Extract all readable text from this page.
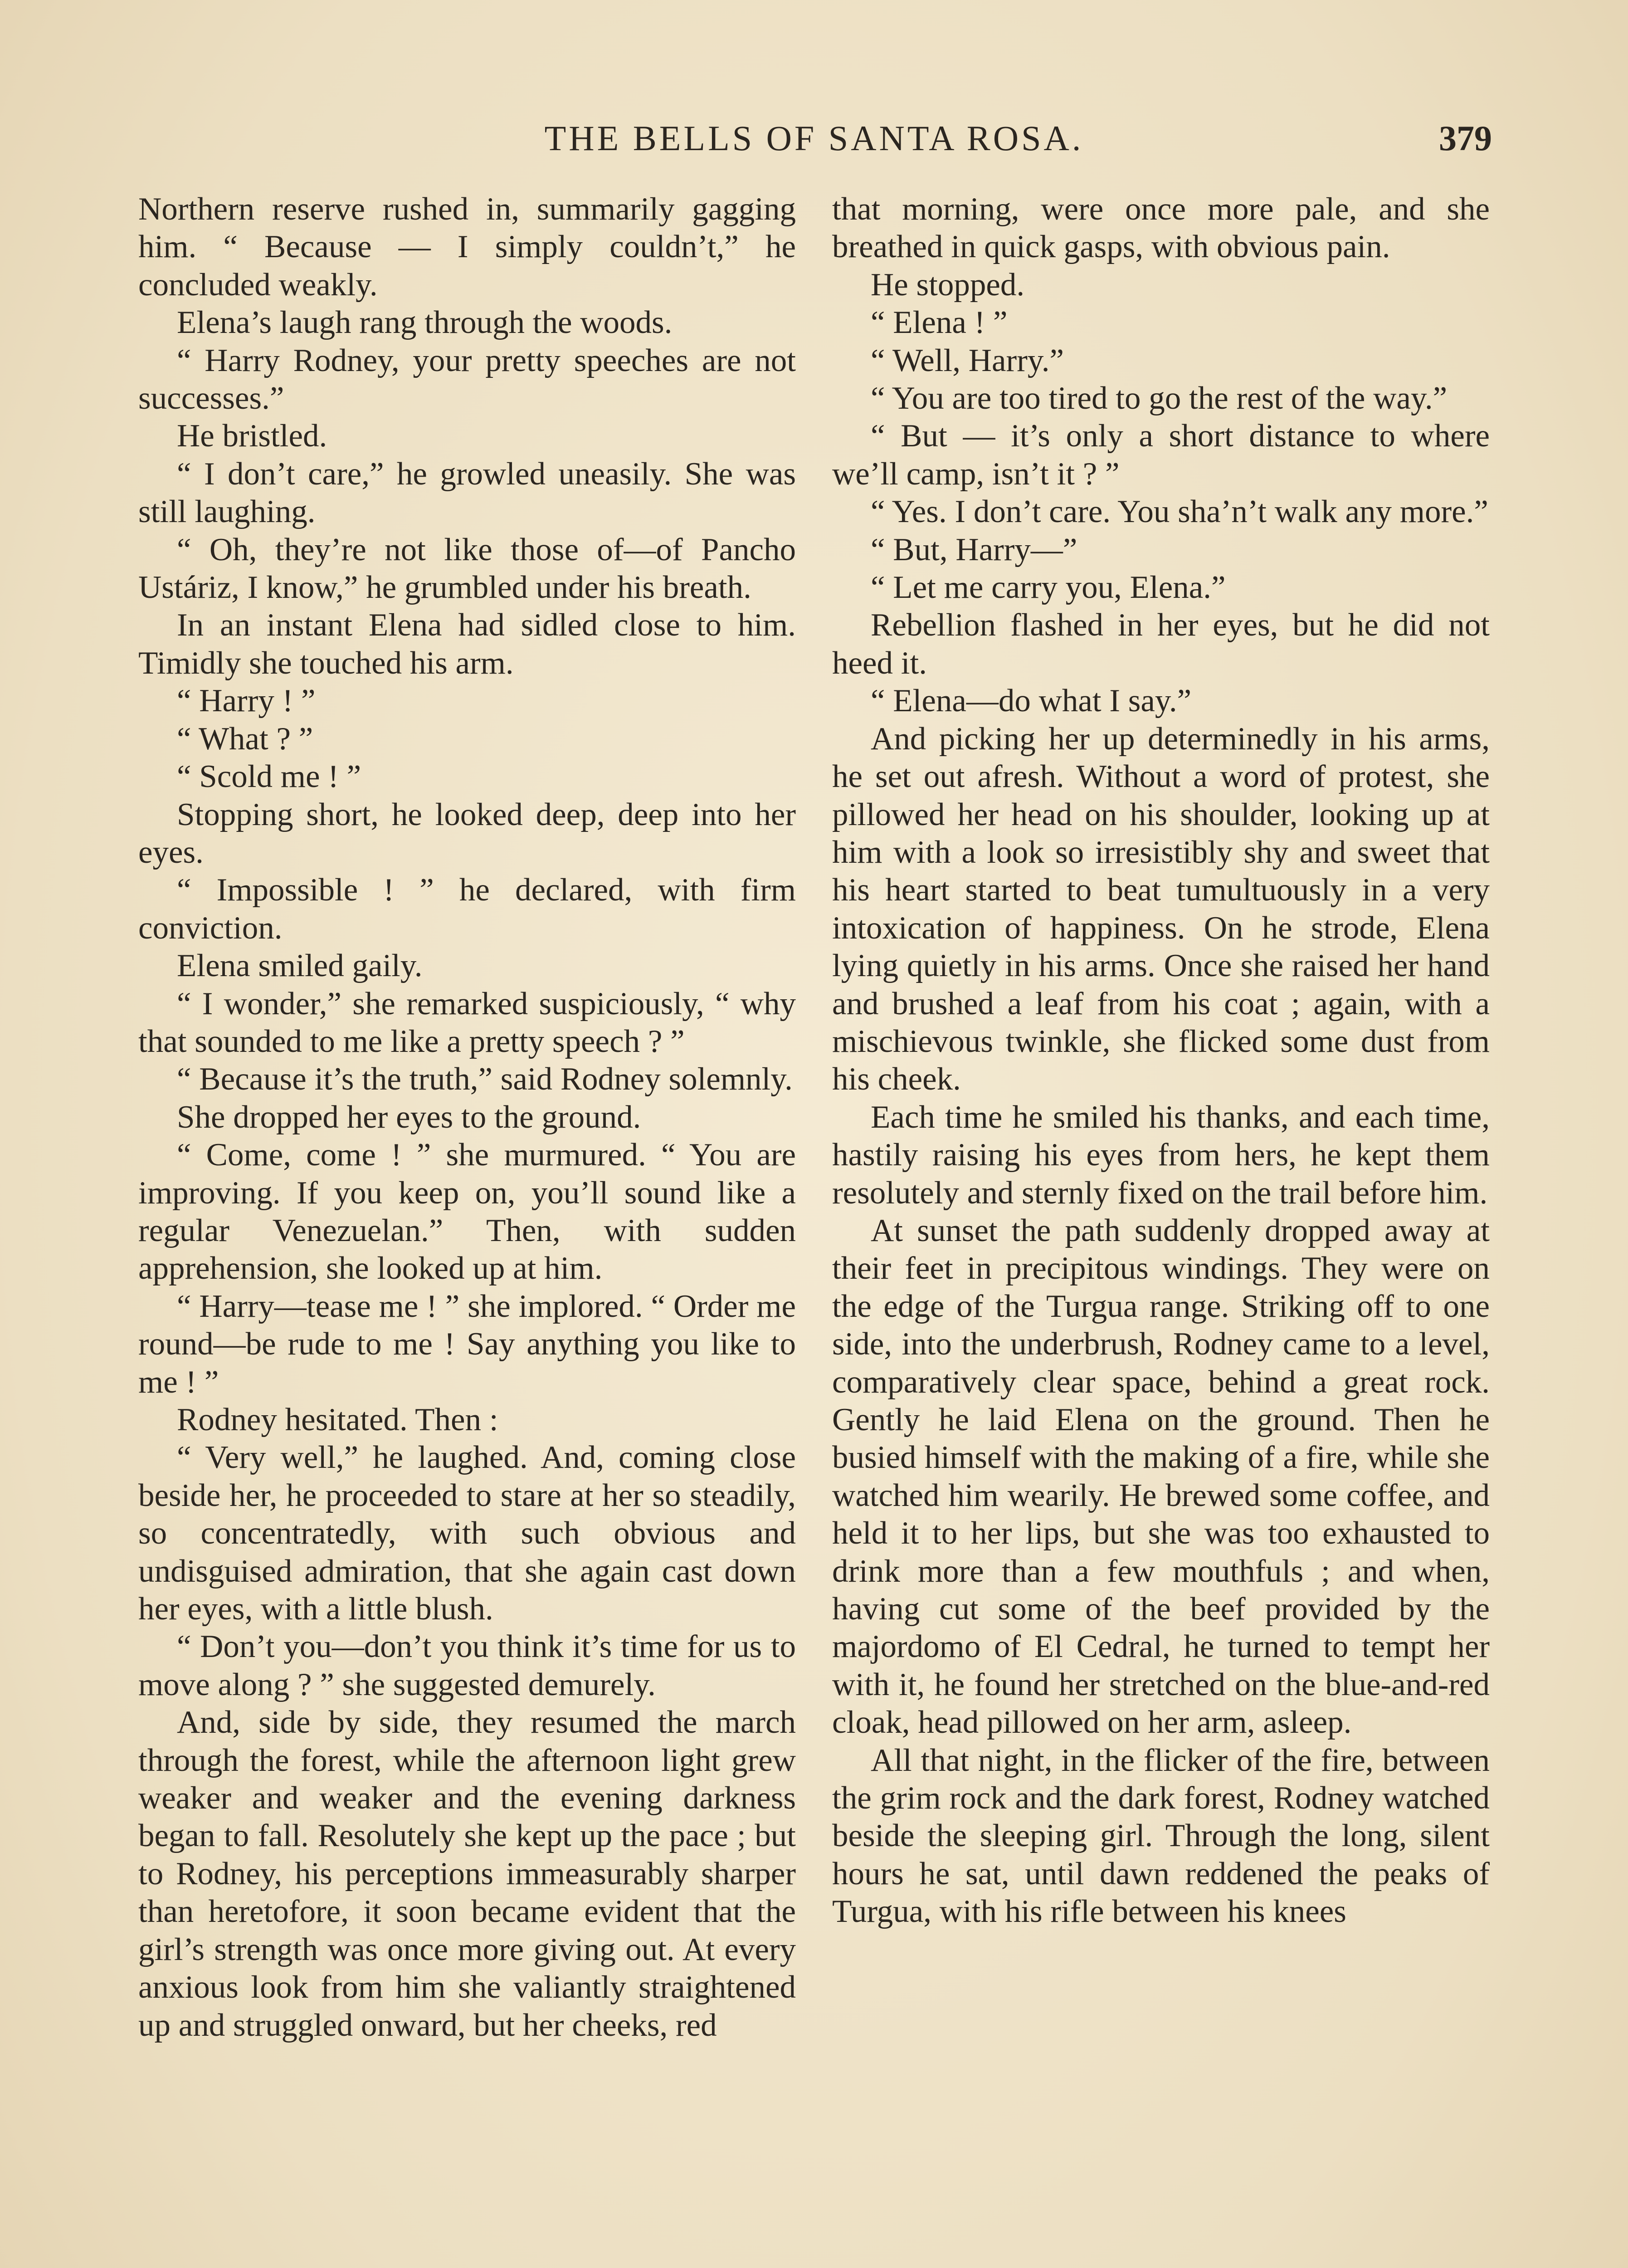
THE BELLS OF SANTA ROSA.	379

Northern reserve rushed in, summarily gagging him. “ Because — I simply couldn’t,” he concluded weakly.

Elena’s laugh rang through the woods.

“ Harry Rodney, your pretty speeches are not successes.”

He bristled.

“ I don’t care,” he growled uneasily. She was still laughing.

“ Oh, they’re not like those of—of Pancho Ustáriz, I know,” he grumbled under his breath.

In an instant Elena had sidled close to him. Timidly she touched his arm.

“ Harry ! ”

“ What ? ”

“ Scold me ! ”

Stopping short, he looked deep, deep into her eyes.

“ Impossible ! ” he declared, with firm conviction.

Elena smiled gaily.

“ I wonder,” she remarked suspiciously, “ why that sounded to me like a pretty speech ? ”

“ Because it’s the truth,” said Rodney solemnly.

She dropped her eyes to the ground.

“ Come, come ! ” she murmured. “ You are improving. If you keep on, you’ll sound like a regular Venezuelan.” Then, with sudden apprehension, she looked up at him.

“ Harry—tease me ! ” she implored. “ Order me round—be rude to me ! Say anything you like to me ! ”

Rodney hesitated. Then :

“ Very well,” he laughed. And, coming close beside her, he proceeded to stare at her so steadily, so concentratedly, with such obvious and undisguised admiration, that she again cast down her eyes, with a little blush.

“ Don’t you—don’t you think it’s time for us to move along ? ” she suggested demurely.

And, side by side, they resumed the march through the forest, while the afternoon light grew weaker and weaker and the evening darkness began to fall. Resolutely she kept up the pace ; but to Rodney, his perceptions immeasurably sharper than heretofore, it soon became evident that the girl’s strength was once more giving out. At every anxious look from him she valiantly straightened up and struggled onward, but her cheeks, red

that morning, were once more pale, and she breathed in quick gasps, with obvious pain.

He stopped.

“ Elena ! ”

“ Well, Harry.”

“ You are too tired to go the rest of the way.”

“ But — it’s only a short distance to where we’ll camp, isn’t it ? ”

“ Yes. I don’t care. You sha’n’t walk any more.”

“ But, Harry—”

“ Let me carry you, Elena.”

Rebellion flashed in her eyes, but he did not heed it.

“ Elena—do what I say.”

And picking her up determinedly in his arms, he set out afresh. Without a word of protest, she pillowed her head on his shoulder, looking up at him with a look so irresistibly shy and sweet that his heart started to beat tumultuously in a very intoxication of happiness. On he strode, Elena lying quietly in his arms. Once she raised her hand and brushed a leaf from his coat ; again, with a mischievous twinkle, she flicked some dust from his cheek.

Each time he smiled his thanks, and each time, hastily raising his eyes from hers, he kept them resolutely and sternly fixed on the trail before him.

At sunset the path suddenly dropped away at their feet in precipitous windings. They were on the edge of the Turgua range. Striking off to one side, into the underbrush, Rodney came to a level, comparatively clear space, behind a great rock. Gently he laid Elena on the ground. Then he busied himself with the making of a fire, while she watched him wearily. He brewed some coffee, and held it to her lips, but she was too exhausted to drink more than a few mouthfuls ; and when, having cut some of the beef provided by the majordomo of El Cedral, he turned to tempt her with it, he found her stretched on the blue-and-red cloak, head pillowed on her arm, asleep.

All that night, in the flicker of the fire, between the grim rock and the dark forest, Rodney watched beside the sleeping girl. Through the long, silent hours he sat, until dawn reddened the peaks of Turgua, with his rifle between his knees
